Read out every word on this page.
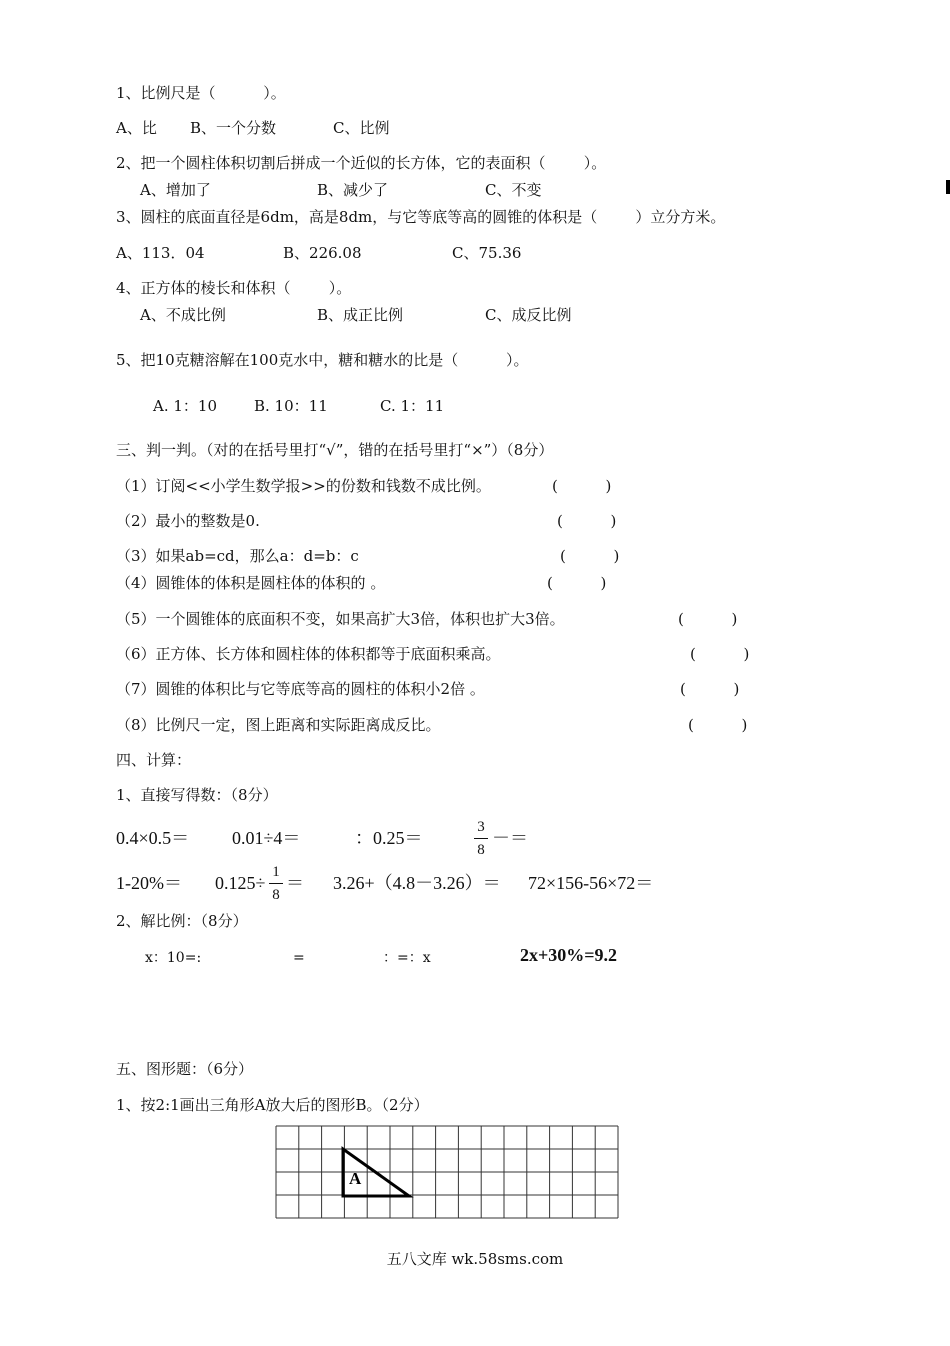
1、比例尺是（          ）。
A、比 B、一个分数	C、比例
2、把一个圆柱体积切割后拼成一个近似的长方体，它的表面积（        ）。
A、增加了	B、减少了	C、不变
3、圆柱的底面直径是6dm，高是8dm，与它等底等高的圆锥的体积是（        ）立分方米。
A、113．04	B、226.08	C、75.36
4、正方体的棱长和体积（        ）。
A、不成比例	B、成正比例	C、成反比例
5、把10克糖溶解在100克水中，糖和糖水的比是（          ）。
A. 1：10 B. 10：11	C. 1：11
三、判一判。（对的在括号里打“√”，错的在括号里打“×”）（8分）
（1）订阅<<小学生数学报>>的份数和钱数不成比例。	(          )
（2）最小的整数是0.	(          )
（3）如果ab=cd，那么a：d=b：c	(          )
（4）圆锥体的体积是圆柱体的体积的 。	(          )
（5）一个圆锥体的底面积不变，如果高扩大3倍，体积也扩大3倍。	(          )
（6）正方体、长方体和圆柱体的体积都等于底面积乘高。	(          )
（7）圆锥的体积比与它等底等高的圆柱的体积小2倍 。	(          )
（8）比例尺一定，图上距离和实际距离成反比。	(          )
四、计算：
1、直接写得数：（8分）
0.4×0.5＝ 0.01÷4＝	：0.25＝
3
8
－＝
1-20%＝ 0.125÷
1
8
＝ 3.26+（4.8－3.26）＝ 72×156-56×72＝
2、解比例：（8分）
x：10=:	=	：=：x	2x+30%=9.2
五、图形题：（6分）
1、按2:1画出三角形A放大后的图形B。（2分）
A
五八文库 wk.58sms.com
